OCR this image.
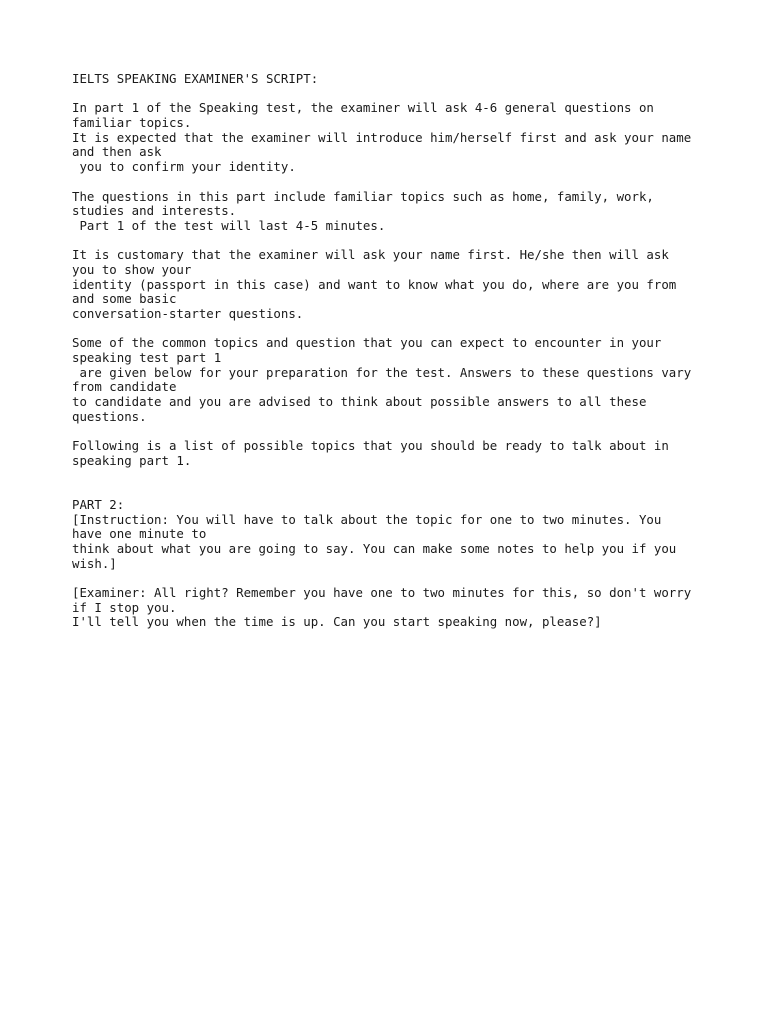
IELTS SPEAKING EXAMINER'S SCRIPT:
In part 1 of the Speaking test, the examiner will ask 4-6 general questions on
familiar topics.
It is expected that the examiner will introduce him/herself first and ask your name
and then ask
you to confirm your identity.
The questions in this part include familiar topics such as home, family, work,
studies and interests.
Part 1 of the test will last 4-5 minutes.
It is customary that the examiner will ask your name first. He/she then will ask
you to show your
identity (passport in this case) and want to know what you do, where are you from
and some basic
conversation-starter questions.
Some of the common topics and question that you can expect to encounter in your
speaking test part 1
are given below for your preparation for the test. Answers to these questions vary
from candidate
to candidate and you are advised to think about possible answers to all these
questions.
Following is a list of possible topics that you should be ready to talk about in
speaking part 1.
PART 2:
[Instruction: You will have to talk about the topic for one to two minutes. You
have one minute to
think about what you are going to say. You can make some notes to help you if you
wish.]
[Examiner: All right? Remember you have one to two minutes for this, so don't worry
if I stop you.
I'll tell you when the time is up. Can you start speaking now, please?]
